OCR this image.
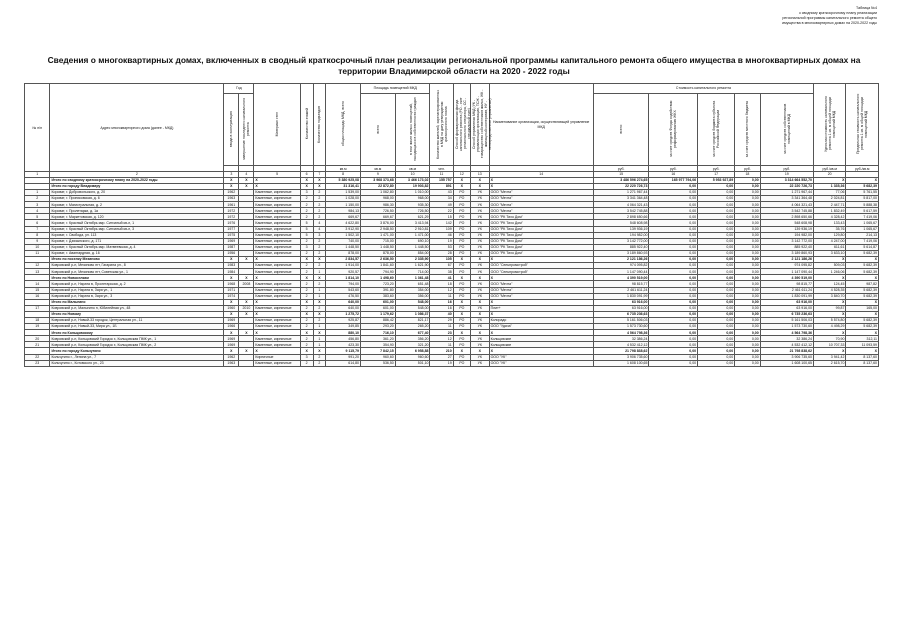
Таблица №4
к сводному краткосрочному плану реализации
региональной программы капитального ремонта общего
имущества в многоквартирных домах на 2020-2022 годы
Сведения о многоквартирных домах, включенных в сводный краткосрочный план реализации региональной программы капитального ремонта общего имущества в многоквартирных домах на территории Владимирской области на 2020 - 2022 годы
№ п/п	Адрес многоквартирного дома (далее - МКД)	Год		Материал стен	Количество этажей	Количество подъездов	общая площадь МКД, всего	Площадь помещений МКД		Количество жителей, зарегистрированных в МКД на дату утверждения краткосрочного плана	Способ формирования фонда капитального ремонта (РО - счет регионального оператора, СС - специальный счет)	Способ управления МКД (УК - управляющая организация, ТСЖ - товарищество собственников жилья, ЖК - жилищный кооператив, НУ - непосредственное управление)	Наименование организации, осуществляющей управление МКД	Стоимость капитального ремонта					Удельная стоимость капитального ремонта 1 кв. м общей площади помещений МКД	Предельная стоимость капитального ремонта 1 кв. м общей площади помещений МКД
		ввода в эксплуатацию	завершение последнего капитального ремонта					всего	в том числе жилых помещений, находящихся в собственности граждан					всего:	за счет средств Фонда содействия реформированию ЖКХ	за счет средств бюджета субъекта Российской Федерации	за счет средств местного бюджета	за счет средств собственников помещений в МКД		
							кв.м	кв.м	кв.м	чел.				руб.	руб.	руб.	руб.	руб.	руб./кв.м	руб./кв.м
1	2	3	4	5	6	7	8	9	10	11	12	13	14	15	16	17	18	19	20	
	Итого по сводному краткосрочному плану на 2020-2022 годы	Х	Х	Х	Х	Х	5 380 925,08	3 968 373,68	3 466 173,02	155 757	Х	Х	Х	3 486 596 274,65	165 977 794,06	5 953 927,89	0,00	3 314 664 552,70	Х	Х
	Итого по городу Владимиру	Х	Х	Х	Х	Х	31 316,41	22 872,80	19 903,82	891	Х	Х	Х	22 220 726,73	0,00	0,00	0,00	22 220 726,73	1 335,36	5 682,39
1	Короват, г. Добровольского, д. 20	1962		Каменные, кирпичные	3	2	1 539,00	1 062,80	1 010,00	43	РО	УК	ООО "Мечта"	1 271 967,44	0,00	0,00	0,00	1 271 967,44	77,06	5 761,55
2	Короват, г. Прониковская, д. 6	1963		Каменные, кирпичные	2	2	1 028,00	968,00	968,00	34	РО	УК	ООО "Мечта"	3 341 364,48	0,00	0,00	0,00	3 341 364,48	2 024,81	5 817,00
3	Короват, г. Магистральная, д. 2	1961		Каменные, кирпичные	2	2	1 150,00	986,30	935,30	49	РО	УК	ООО "Мечта"	4 064 321,43	0,00	0,00	0,00	4 064 321,43	2 447,71	5 888,38
4	Короват, г. Пролетарки, д. 1а	1972		Каменные, кирпичные	2	2	984,13	726,50	726,50	22	РО	УК	ООО "Мечта"	3 542 745,88	0,00	0,00	0,00	3 542 745,88	1 832,49	5 617,59
5	Короват, г. Маркетовская, д. 120	1972		Каменные, кирпичные	2	2	669,67	669,67	621,29	15	РО	УК	ООО "РК Тихо Дом"	2 898 650,66	0,00	0,00	0,00	2 898 650,66	4 328,42	7 419,06
6	Короват, г. Красный Октябрь мкр. Сипчатый кв-л, 1	1976		Каменные, кирпичные	5	4	4 622,80	3 876,00	3 413,94	142	РО	УК	ООО "РК Тихо Дом"	548 608,98	0,00	0,00	0,00	548 608,98	133,43	1 065,67
7	Короват, г. Красный Октябрь мкр. Сипчатый кв-л, 3	1977		Каменные, кирпичные	5	4	3 912,90	2 948,50	2 910,81	109	РО	УК	ООО "РК Тихо Дом"	139 936,19	0,00	0,00	0,00	139 936,19	35,76	1 065,67
8	Короват, г. Свобода, ул. 113	1975		Каменные, кирпичные	5	3	1 502,10	1 471,00	1 471,00	46	РО	УК	ООО "РК Тихо Дом"	194 982,00	0,00	0,00	0,00	194 982,00	129,80	214,13
9	Короват, г. Дзязынского, д. 171	1969		Каменные, кирпичные	2	2	740,00	715,00	690,10	19	РО	УК	ООО "РК Тихо Дом"	3 142 772,00	0,00	0,00	0,00	3 142 772,00	4 247,00	7 419,06
10	Короват, г. Красный Октябрь мкр. Матвеевская, д. 4	1987		Каменные, кирпичные	3	2	1 448,50	1 448,50	1 448,50	53	РО	УК	ООО "РК Тихо Дом"	885 922,40	0,00	0,00	0,00	885 922,40	611,61	5 614,87
11	Короват, г. Авангардная, д. 16	1956		Каменные, кирпичные	2	2	878,00	878,00	854,00	28	РО	УК	ООО "РК Тихо Дом"	3 189 860,93	0,00	0,00	0,00	3 189 860,93	3 633,10	5 682,39
	Итого по поселку Мезиново	Х	Х	Х	Х	Х	2 834,57	2 636,50	2 335,90	105	Х	Х	Х	2 121 186,26	0,00	0,00	0,00	2 121 186,26	Х	Х
12	Ковровский р-н, Мезиново пгт, Гагарина ул., 8	1983		Каменные, кирпичные	2	2	1 914,00	1 841,60	1 621,90	67	РО	УК	ООО "Сельпромстрой"	974 095,82	0,00	0,00	0,00	974 095,82	509,03	5 682,39
13	Ковровский р-н, Мезиново пгт, Советская ул., 1	1984		Каменные, кирпичные	2	1	920,57	794,90	714,00	38	РО	УК	ООО "Сельпромстрой"	1 147 090,44	0,00	0,00	0,00	1 147 090,44	1 246,06	5 682,39
	Итого по Новоселкам	Х	Х	Х	Х	Х	1 814,10	1 498,60	1 361,48	41	Х	Х	Х	4 390 519,00	0,00	0,00	0,00	4 390 519,00	Х	Х
14	Ковровский р-н, Нарата в, Пролетарская, д. 2	1968	2008	Каменные, кирпичные	2	2	794,00	723,20	651,48	18	РО	УК	ООО "Мечта"	98 815,77	0,00	0,00	0,00	98 815,77	124,45	987,82
15	Ковровский р-н, Нарата в, Заря ул., 1	1971		Каменные, кирпичные	2	1	543,60	391,80	354,00	12	РО	УК	ООО "Мечта"	2 461 611,24	0,00	0,00	0,00	2 461 611,24	4 528,35	5 682,39
16	Ковровский р-н, Нарата в, Заря ул., 3	1974		Каменные, кирпичные	2	1	476,50	383,60	356,00	11	РО	УК	ООО "Мечта"	1 830 091,99	0,00	0,00	0,00	1 830 091,99	3 840,70	5 682,39
	Итого по Малыгино	Х	Х	Х	Х	Х	640,00	601,00	548,00	16	Х	Х	Х	63 916,00	0,00	0,00	0,00	63 916,00	Х	Х
17	Ковровский р-н, Малыгино п, Юбилейная ул., 48	1960	2010	Каменные, кирпичные	2	2	640,00	601,00	548,00	16	РО	УК	Плит+	63 916,00	0,00	0,00	0,00	63 916,00	99,87	165,00
	Итого по Новому	Х	Х	Х	Х	Х	1 275,72	1 179,62	1 086,37	40	Х	Х	Х	6 735 236,63	0,00	0,00	0,00	6 735 236,63	Х	Х
18	Ковровский р-н, Новый-33 городок, Центральная ул., 11	1969		Каменные, кирпичные	2	2	925,87	886,42	821,17	29	РО	УК	Колорадо	5 161 506,03	0,00	0,00	0,00	5 161 506,03	5 574,80	5 682,39
19	Ковровский р-н, Новый-33, Мира ул., 1Б	1966		Каменные, кирпичные	2	1	349,85	293,20	265,20	11	РО	УК	ООО "Удача"	1 573 730,60	0,00	0,00	0,00	1 573 730,60	4 498,29	5 682,39
	Итого по Кольцовскому	Х	Х	Х	Х	Х	880,10	716,10	677,40	23	Х	Х	Х	4 564 798,36	0,00	0,00	0,00	4 564 798,36	Х	Х
20	Ковровский р-н, Кольцовский Городок х, Кольцовская ПМК ул., 1	1969		Каменные, кирпичные	2	1	456,80	361,20	356,20	12	РО	УК	Кольцовские	32 386,24	0,00	0,00	0,00	32 386,24	70,90	312,11
21	Ковровский р-н, Кольцовский Городок х, Кольцовская ПМК ул., 2	1969		Каменные, кирпичные	2	1	423,30	354,90	321,20	11	РО	УК	Кольцовские	4 532 412,12	0,00	0,00	0,00	4 532 412,12	10 707,33	11 093,59
	Итого по городу Кольчугино	Х	Х	Х	Х	Х	9 115,79	7 842,15	6 958,88	210	Х	Х	Х	21 798 838,62	0,00	0,00	0,00	21 798 838,62	Х	Х
22	Кольчугино г., Ленина ул., 7	1962		Кирпичные	3	2	991,20	960,60	960,60	27	РО	УК	ООО "УК"	3 906 735,60	0,00	0,00	0,00	3 906 735,60	3 941,42	8 137,60
23	Кольчугино г., Котовского ул., 23	1963		Каменные, кирпичные	2	2	614,80	536,50	501,10	19	РО	УК	ООО "УК"	1 608 100,65	0,00	0,00	0,00	1 608 100,65	2 615,70	8 137,60
